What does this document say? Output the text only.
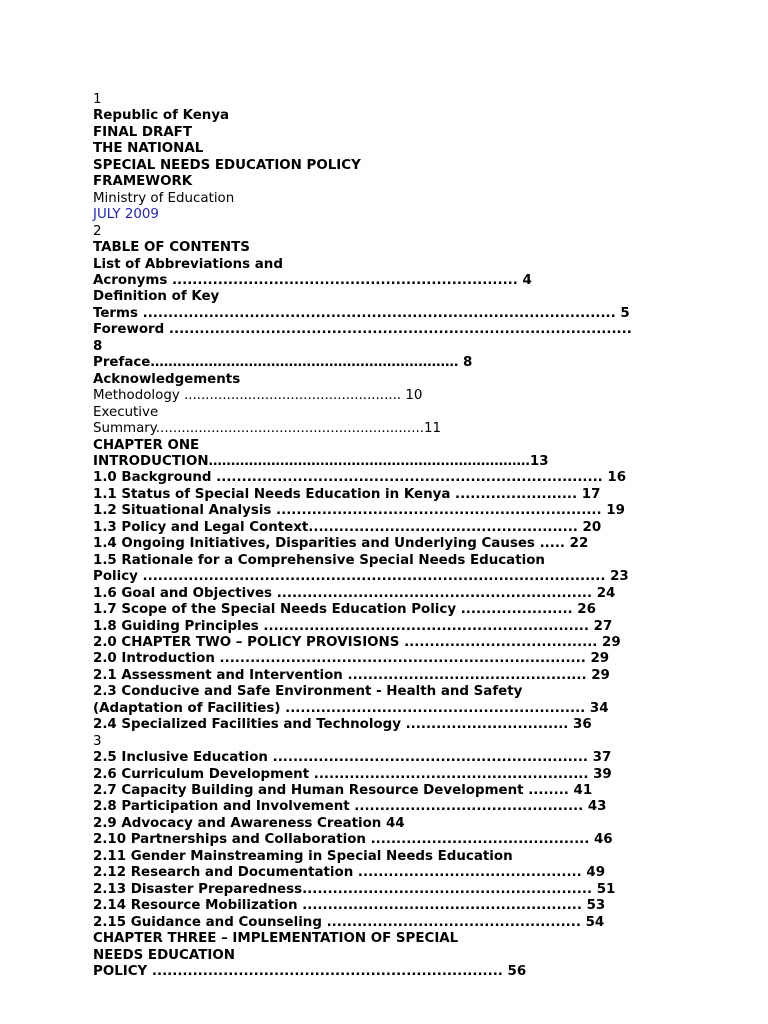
1
Republic of Kenya
FINAL DRAFT
THE NATIONAL
SPECIAL NEEDS EDUCATION POLICY
FRAMEWORK
Ministry of Education
JULY 2009
2
TABLE OF CONTENTS
List of Abbreviations and
Acronyms .................................................................... 4
Definition of Key
Terms ............................................................................................. 5
Foreword ...........................................................................................
8
Preface…………………………………………………………… 8
Acknowledgements
Methodology ................................................... 10
Executive
Summary...............................................................11
CHAPTER ONE
INTRODUCTION………………………………………………………………13
1.0 Background ............................................................................ 16
1.1 Status of Special Needs Education in Kenya ........................ 17
1.2 Situational Analysis ................................................................ 19
1.3 Policy and Legal Context..................................................... 20
1.4 Ongoing Initiatives, Disparities and Underlying Causes ..... 22
1.5 Rationale for a Comprehensive Special Needs Education
Policy ........................................................................................... 23
1.6 Goal and Objectives .............................................................. 24
1.7 Scope of the Special Needs Education Policy ...................... 26
1.8 Guiding Principles ................................................................ 27
2.0 CHAPTER TWO – POLICY PROVISIONS ...................................... 29
2.0 Introduction ........................................................................ 29
2.1 Assessment and Intervention ............................................... 29
2.3 Conducive and Safe Environment - Health and Safety
(Adaptation of Facilities) ........................................................... 34
2.4 Specialized Facilities and Technology ................................ 36
3
2.5 Inclusive Education .............................................................. 37
2.6 Curriculum Development ...................................................... 39
2.7 Capacity Building and Human Resource Development ........ 41
2.8 Participation and Involvement ............................................. 43
2.9 Advocacy and Awareness Creation 44
2.10 Partnerships and Collaboration ........................................... 46
2.11 Gender Mainstreaming in Special Needs Education
2.12 Research and Documentation ............................................ 49
2.13 Disaster Preparedness......................................................... 51
2.14 Resource Mobilization ....................................................... 53
2.15 Guidance and Counseling .................................................. 54
CHAPTER THREE – IMPLEMENTATION OF SPECIAL
NEEDS EDUCATION
POLICY ..................................................................... 56
